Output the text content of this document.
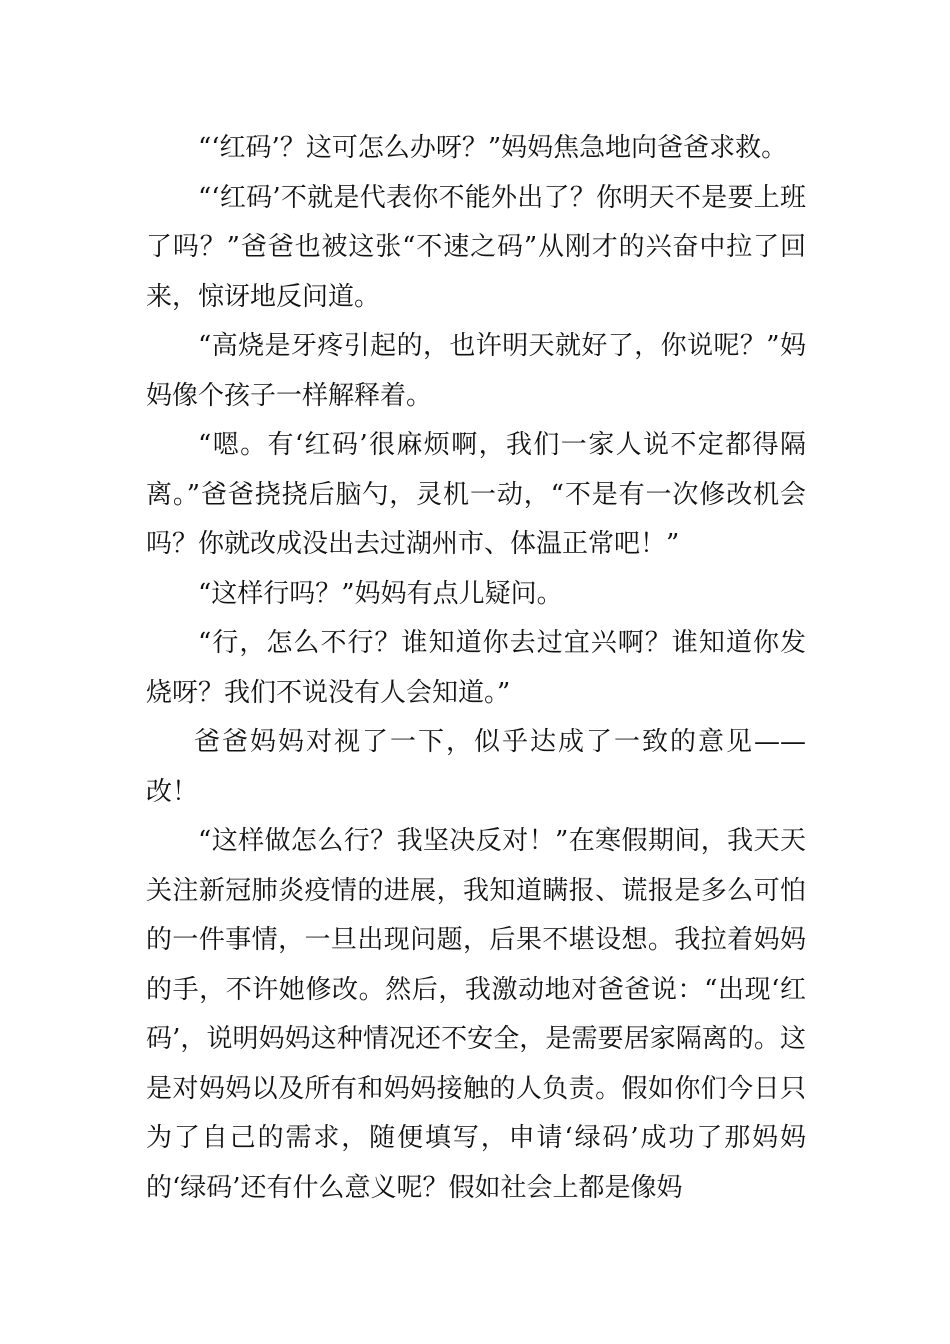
“‘红码’？这可怎么办呀？”妈妈焦急地向爸爸求救。

“‘红码’不就是代表你不能外出了？你明天不是要上班了吗？”爸爸也被这张“不速之码”从刚才的兴奋中拉了回来，惊讶地反问道。

“高烧是牙疼引起的，也许明天就好了，你说呢？”妈妈像个孩子一样解释着。

“嗯。有‘红码’很麻烦啊，我们一家人说不定都得隔离。”爸爸挠挠后脑勺，灵机一动，“不是有一次修改机会吗？你就改成没出去过湖州市、体温正常吧！”

“这样行吗？”妈妈有点儿疑问。

“行，怎么不行？谁知道你去过宜兴啊？谁知道你发烧呀？我们不说没有人会知道。”

爸爸妈妈对视了一下，似乎达成了一致的意见——改！

“这样做怎么行？我坚决反对！”在寒假期间，我天天关注新冠肺炎疫情的进展，我知道瞒报、谎报是多么可怕的一件事情，一旦出现问题，后果不堪设想。我拉着妈妈的手，不许她修改。然后，我激动地对爸爸说：“出现‘红码’，说明妈妈这种情况还不安全，是需要居家隔离的。这是对妈妈以及所有和妈妈接触的人负责。假如你们今日只为了自己的需求，随便填写，申请‘绿码’成功了那妈妈的‘绿码’还有什么意义呢？假如社会上都是像妈
